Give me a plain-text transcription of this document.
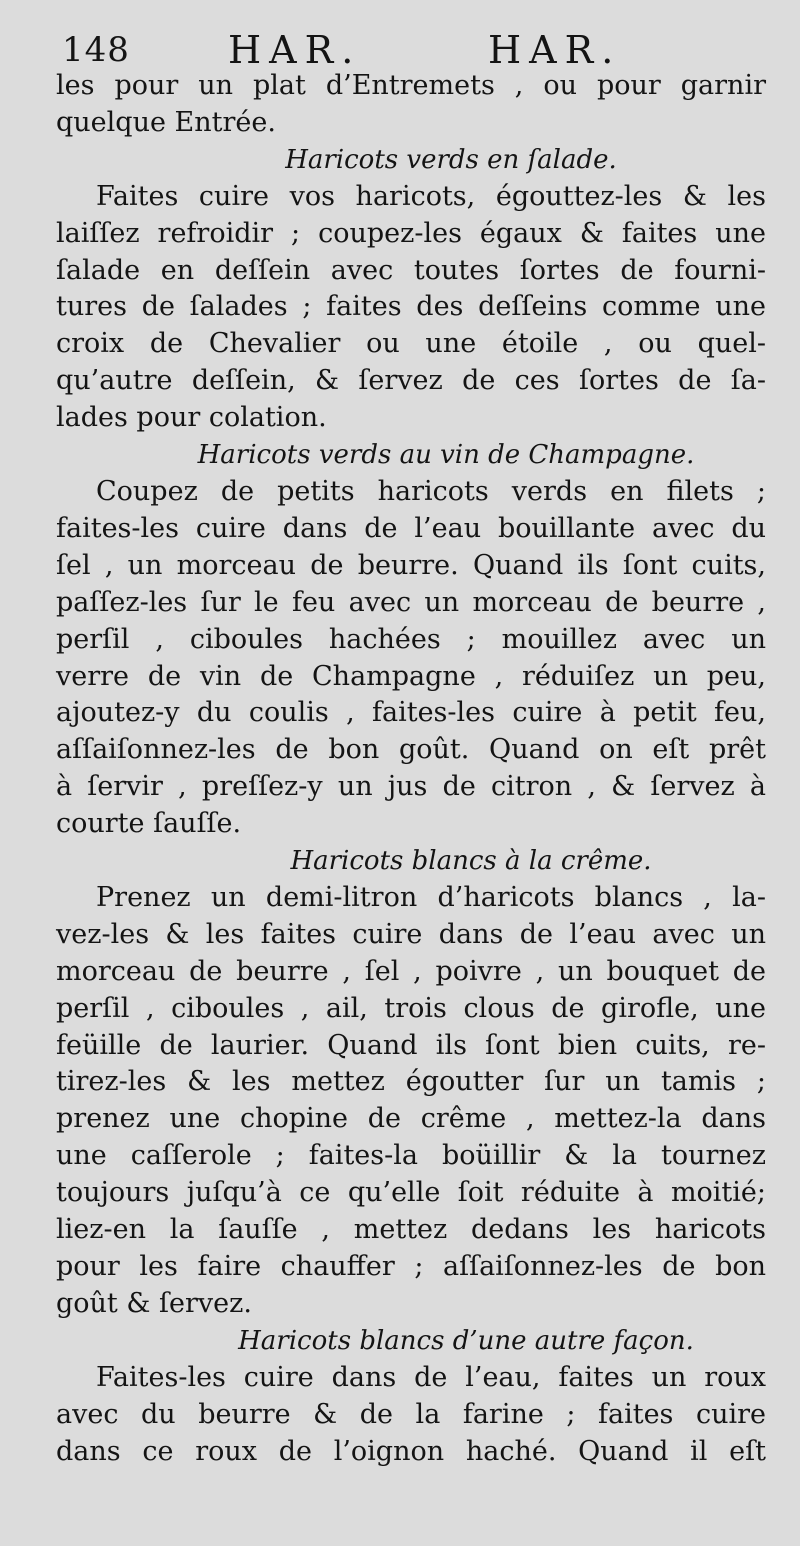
148	HAR.	HAR.
les pour un plat d’Entremets , ou pour garnir
quelque Entrée.
Haricots verds en ſalade.
Faites cuire vos haricots, égouttez-les & les
laiſſez refroidir ; coupez-les égaux & faites une
ſalade en deſſein avec toutes ſortes de fourni-
tures de ſalades ; faites des deſſeins comme une
croix de Chevalier ou une étoile , ou quel-
qu’autre deſſein, & ſervez de ces ſortes de ſa-
lades pour colation.
Haricots verds au vin de Champagne.
Coupez de petits haricots verds en filets ;
faites-les cuire dans de l’eau bouillante avec du
ſel , un morceau de beurre. Quand ils ſont cuits,
paſſez-les ſur le feu avec un morceau de beurre ,
perſil , ciboules hachées ; mouillez avec un
verre de vin de Champagne , réduiſez un peu,
ajoutez-y du coulis , faites-les cuire à petit feu,
aſſaiſonnez-les de bon goût. Quand on eſt prêt
à ſervir , preſſez-y un jus de citron , & ſervez à
courte ſauſſe.
Haricots blancs à la crême.
Prenez un demi-litron d’haricots blancs , la-
vez-les & les faites cuire dans de l’eau avec un
morceau de beurre , ſel , poivre , un bouquet de
perſil , ciboules , ail, trois clous de girofle, une
feüille de laurier. Quand ils ſont bien cuits, re-
tirez-les & les mettez égoutter ſur un tamis ;
prenez une chopine de crême , mettez-la dans
une caſſerole ; faites-la boüillir & la tournez
toujours juſqu’à ce qu’elle ſoit réduite à moitié;
liez-en la ſauſſe , mettez dedans les haricots
pour les faire chauffer ; aſſaiſonnez-les de bon
goût & ſervez.
Haricots blancs d’une autre façon.
Faites-les cuire dans de l’eau, faites un roux
avec du beurre & de la farine ; faites cuire
dans ce roux de l’oignon haché. Quand il eſt
